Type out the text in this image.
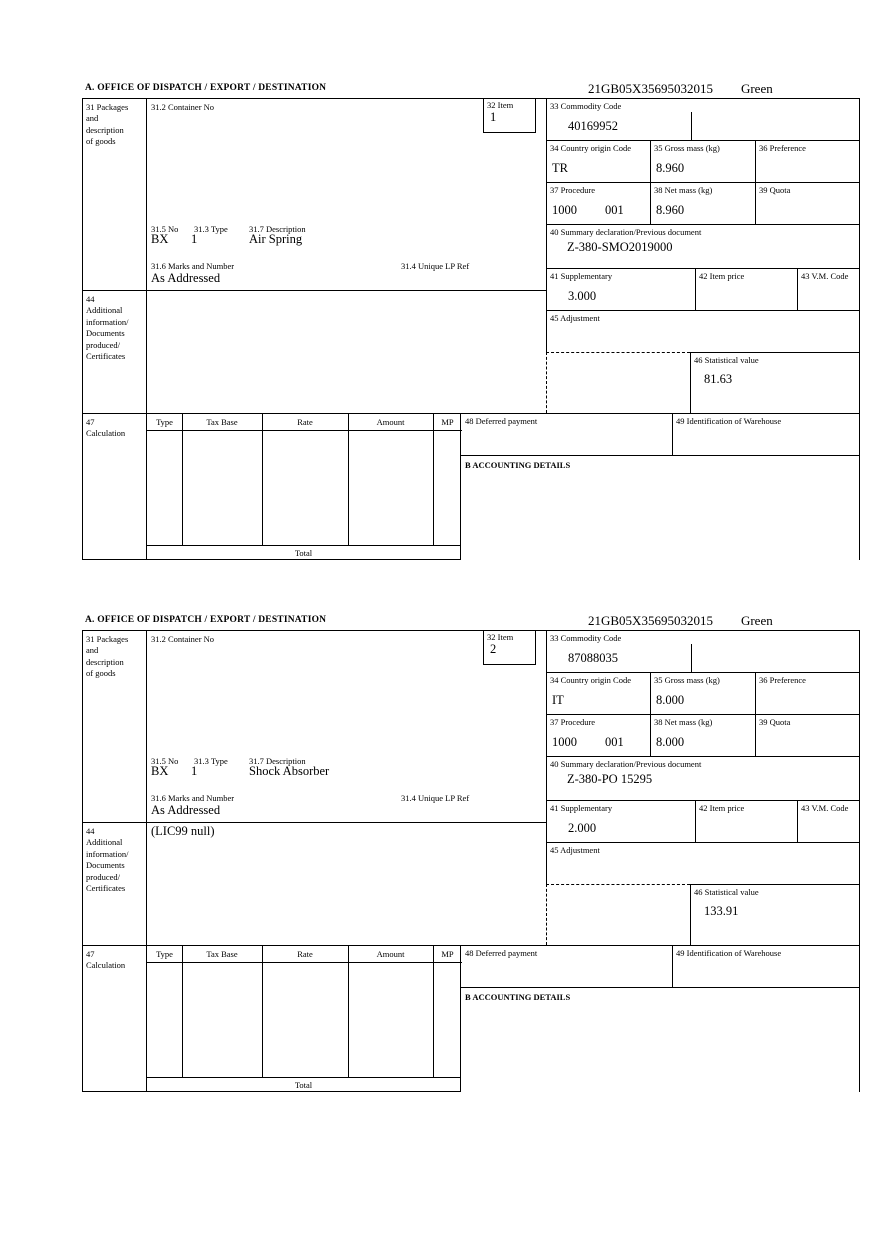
A. OFFICE OF DISPATCH / EXPORT / DESTINATION	21GB05X35695032015 Green
31 Packages
and
description
of goods
31.2 Container No
31.5 No 31.3 Type	31.7 Description
BX 1	Air Spring
31.6 Marks and Number	31.4 Unique LP Ref
As Addressed
32 Item
1
33 Commodity Code
40169952
34 Country origin Code
TR
35 Gross mass (kg)
8.960
36 Preference
37 Procedure
1000 001
38 Net mass (kg)
8.960
39 Quota
40 Summary declaration/Previous document
Z-380-SMO2019000
41 Supplementary
3.000
42 Item price	43 V.M. Code
45 Adjustment
46 Statistical value
81.63
44
Additional
information/
Documents
produced/
Certificates
47
Calculation
Type	Tax Base	Rate	Amount	MP
Total
48 Deferred payment	49 Identification of Warehouse
B ACCOUNTING DETAILS
A. OFFICE OF DISPATCH / EXPORT / DESTINATION	21GB05X35695032015 Green
31 Packages
and
description
of goods
31.2 Container No
31.5 No 31.3 Type	31.7 Description
BX 1	Shock Absorber
31.6 Marks and Number	31.4 Unique LP Ref
As Addressed
32 Item
2
33 Commodity Code
87088035
34 Country origin Code
IT
35 Gross mass (kg)
8.000
36 Preference
37 Procedure
1000 001
38 Net mass (kg)
8.000
39 Quota
40 Summary declaration/Previous document
Z-380-PO 15295
41 Supplementary
2.000
42 Item price	43 V.M. Code
45 Adjustment
46 Statistical value
133.91
44
Additional
information/
Documents
produced/
Certificates
(LIC99 null)
47
Calculation
Type	Tax Base	Rate	Amount	MP
Total
48 Deferred payment	49 Identification of Warehouse
B ACCOUNTING DETAILS
